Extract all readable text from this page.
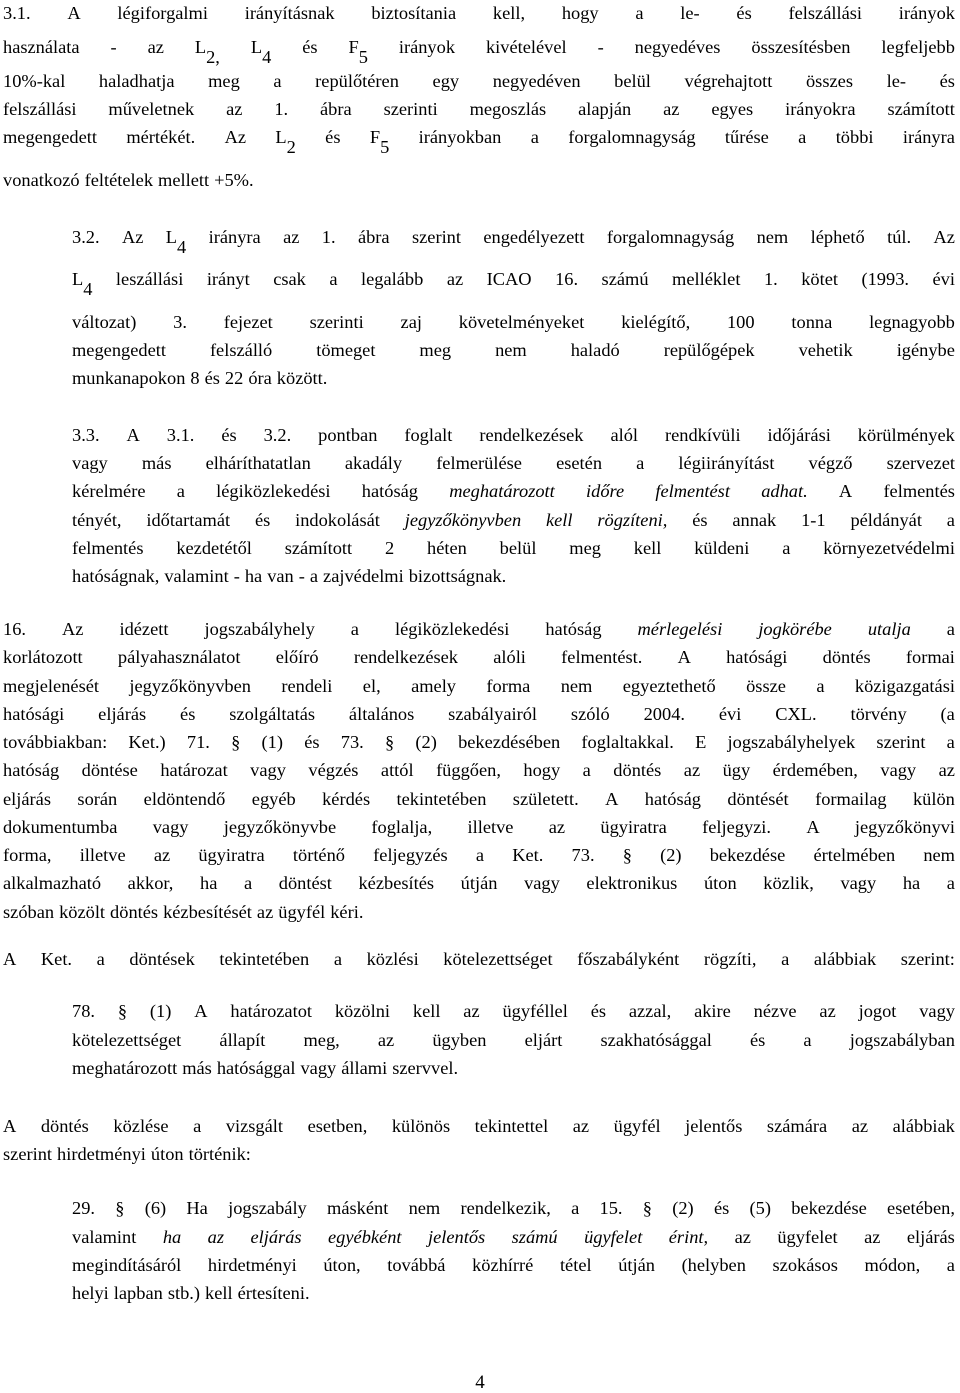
3.1. A légiforgalmi irányításnak biztosítania kell, hogy a le- és felszállási irányok
használata - az $L_{2,}$ $L_4$ és $F_5$ irányok kivételével - negyedéves összesítésben legfeljebb
10%-kal haladhatja meg a repülőtéren egy negyedéven belül végrehajtott összes le- és
felszállási műveletnek az 1. ábra szerinti megoszlás alapján az egyes irányokra számított
megengedett mértékét. Az $L_2$ és $F_5$ irányokban a forgalomnagyság tűrése a többi irányra
vonatkozó feltételek mellett +5%.
3.2. Az $L_4$ irányra az 1. ábra szerint engedélyezett forgalomnagyság nem léphető túl. Az
$L_4$ leszállási irányt csak a legalább az ICAO 16. számú melléklet 1. kötet (1993. évi
változat) 3. fejezet szerinti zaj követelményeket kielégítő, 100 tonna legnagyobb
megengedett felszálló tömeget meg nem haladó repülőgépek vehetik igénybe
munkanapokon 8 és 22 óra között.
3.3. A 3.1. és 3.2. pontban foglalt rendelkezések alól rendkívüli időjárási körülmények
vagy más elháríthatatlan akadály felmerülése esetén a légiirányítást végző szervezet
kérelmére a légiközlekedési hatóság meghatározott időre felmentést adhat. A felmentés
tényét, időtartamát és indokolását jegyzőkönyvben kell rögzíteni, és annak 1-1 példányát a
felmentés kezdetétől számított 2 héten belül meg kell küldeni a környezetvédelmi
hatóságnak, valamint - ha van - a zajvédelmi bizottságnak.
16. Az idézett jogszabályhely a légiközlekedési hatóság mérlegelési jogkörébe utalja a
korlátozott pályahasználatot előíró rendelkezések alóli felmentést. A hatósági döntés formai
megjelenését jegyzőkönyvben rendeli el, amely forma nem egyeztethető össze a közigazgatási
hatósági eljárás és szolgáltatás általános szabályairól szóló 2004. évi CXL. törvény (a
továbbiakban: Ket.) 71. § (1) és 73. § (2) bekezdésében foglaltakkal. E jogszabályhelyek szerint a
hatóság döntése határozat vagy végzés attól függően, hogy a döntés az ügy érdemében, vagy az
eljárás során eldöntendő egyéb kérdés tekintetében született. A hatóság döntését formailag külön
dokumentumba vagy jegyzőkönyvbe foglalja, illetve az ügyiratra feljegyzi. A jegyzőkönyvi
forma, illetve az ügyiratra történő feljegyzés a Ket. 73. § (2) bekezdése értelmében nem
alkalmazható akkor, ha a döntést kézbesítés útján vagy elektronikus úton közlik, vagy ha a
szóban közölt döntés kézbesítését az ügyfél kéri.
A Ket. a döntések tekintetében a közlési kötelezettséget főszabályként rögzíti, a alábbiak szerint:
78. § (1) A határozatot közölni kell az ügyféllel és azzal, akire nézve az jogot vagy
kötelezettséget állapít meg, az ügyben eljárt szakhatósággal és a jogszabályban
meghatározott más hatósággal vagy állami szervvel.
A döntés közlése a vizsgált esetben, különös tekintettel az ügyfél jelentős számára az alábbiak
szerint hirdetményi úton történik:
29. § (6) Ha jogszabály másként nem rendelkezik, a 15. § (2) és (5) bekezdése esetében,
valamint ha az eljárás egyébként jelentős számú ügyfelet érint, az ügyfelet az eljárás
megindításáról hirdetményi úton, továbbá közhírré tétel útján (helyben szokásos módon, a
helyi lapban stb.) kell értesíteni.
4
